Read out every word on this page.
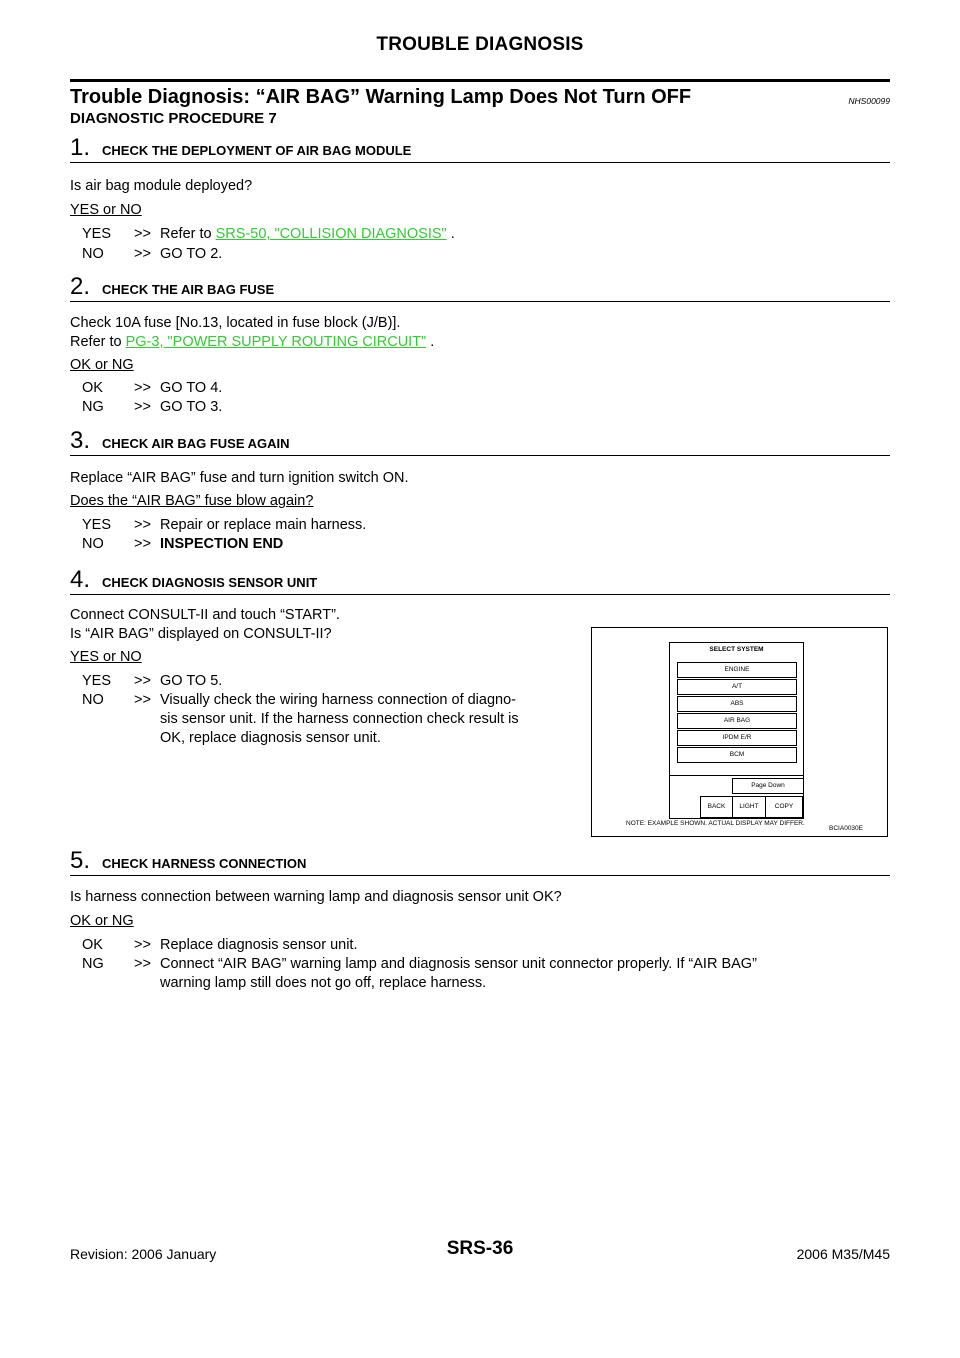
TROUBLE DIAGNOSIS
Trouble Diagnosis: “AIR BAG” Warning Lamp Does Not Turn OFF	NHS00099
DIAGNOSTIC PROCEDURE 7
1. CHECK THE DEPLOYMENT OF AIR BAG MODULE
Is air bag module deployed?
YES or NO
YES >> Refer to SRS-50, "COLLISION DIAGNOSIS" .
NO >> GO TO 2.
2. CHECK THE AIR BAG FUSE
Check 10A fuse [No.13, located in fuse block (J/B)].
Refer to PG-3, "POWER SUPPLY ROUTING CIRCUIT" .
OK or NG
OK >> GO TO 4.
NG >> GO TO 3.
3. CHECK AIR BAG FUSE AGAIN
Replace “AIR BAG” fuse and turn ignition switch ON.
Does the “AIR BAG” fuse blow again?
YES >> Repair or replace main harness.
NO >> INSPECTION END
4. CHECK DIAGNOSIS SENSOR UNIT
Connect CONSULT-II and touch “START”.
Is “AIR BAG” displayed on CONSULT-II?
YES or NO
YES >> GO TO 5.
NO >> Visually check the wiring harness connection of diagno-
sis sensor unit. If the harness connection check result is
OK, replace diagnosis sensor unit.
SELECT SYSTEM
ENGINE
A/T
ABS
AIR BAG
IPDM E/R
BCM
Page Down
BACK	LIGHT	COPY
NOTE: EXAMPLE SHOWN. ACTUAL DISPLAY MAY DIFFER.
BCIA0030E
5. CHECK HARNESS CONNECTION
Is harness connection between warning lamp and diagnosis sensor unit OK?
OK or NG
OK >> Replace diagnosis sensor unit.
NG >> Connect “AIR BAG” warning lamp and diagnosis sensor unit connector properly. If “AIR BAG”
warning lamp still does not go off, replace harness.
Revision: 2006 January	SRS-36	2006 M35/M45
